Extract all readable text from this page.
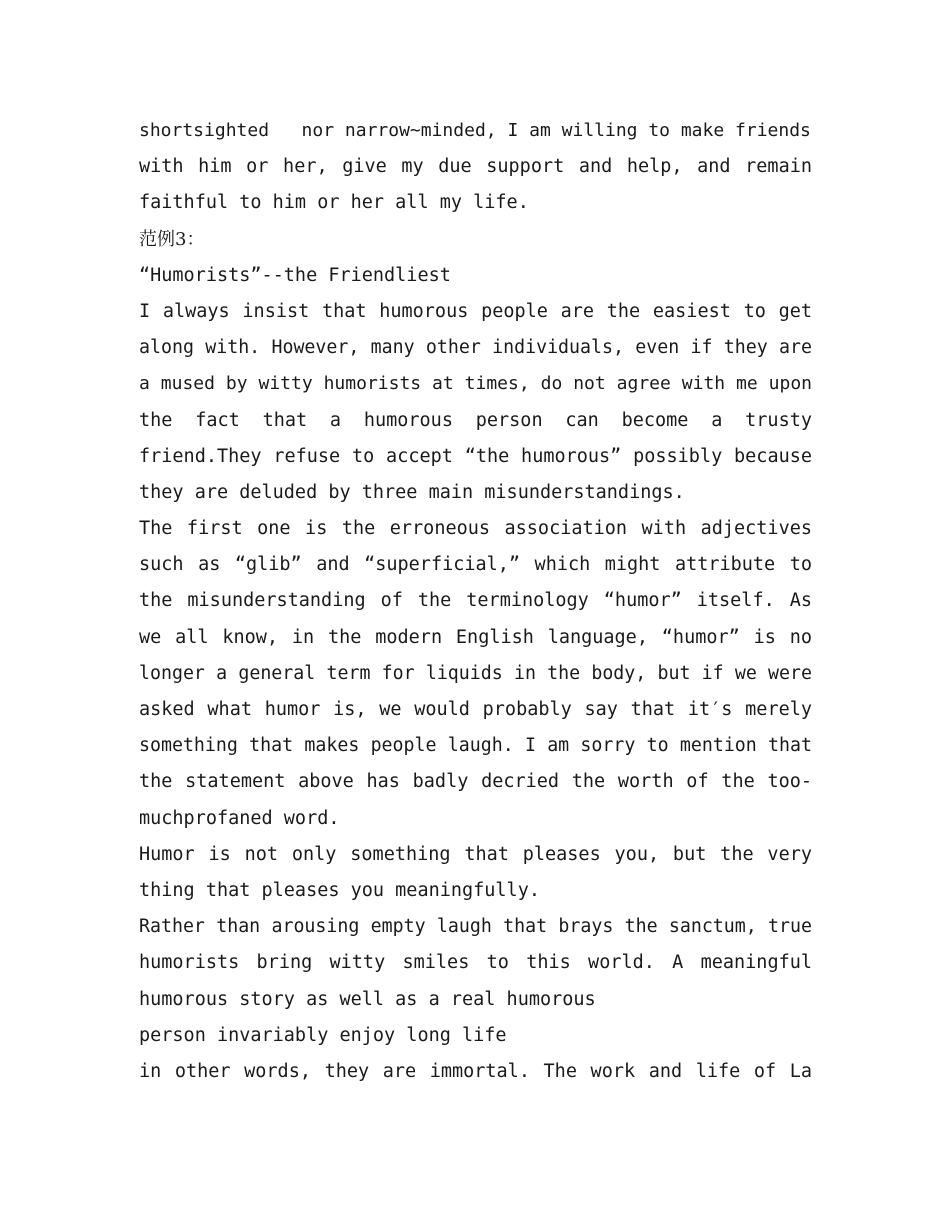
shortsighted   nor narrow~minded, I am willing to make friends
with him or her, give my due support and help, and remain
faithful to him or her all my life.
范例3：
“Humorists”--the Friendliest
I always insist that humorous people are the easiest to get
along with. However, many other individuals, even if they are
a mused by witty humorists at times, do not agree with me upon
the fact that a humorous person can become a trusty
friend.They refuse to accept “the humorous” possibly because
they are deluded by three main misunderstandings.
The first one is the erroneous association with adjectives
such as “glib” and “superficial,” which might attribute to
the misunderstanding of the terminology “humor” itself. As
we all know, in the modern English language, “humor” is no
longer a general term for liquids in the body, but if we were
asked what humor is, we would probably say that it′s merely
something that makes people laugh. I am sorry to mention that
the statement above has badly decried the worth of the too-
muchprofaned word.
Humor is not only something that pleases you, but the very
thing that pleases you meaningfully.
Rather than arousing empty laugh that brays the sanctum, true
humorists bring witty smiles to this world. A meaningful
humorous story as well as a real humorous
person invariably enjoy long life
in other words, they are immortal. The work and life of La
